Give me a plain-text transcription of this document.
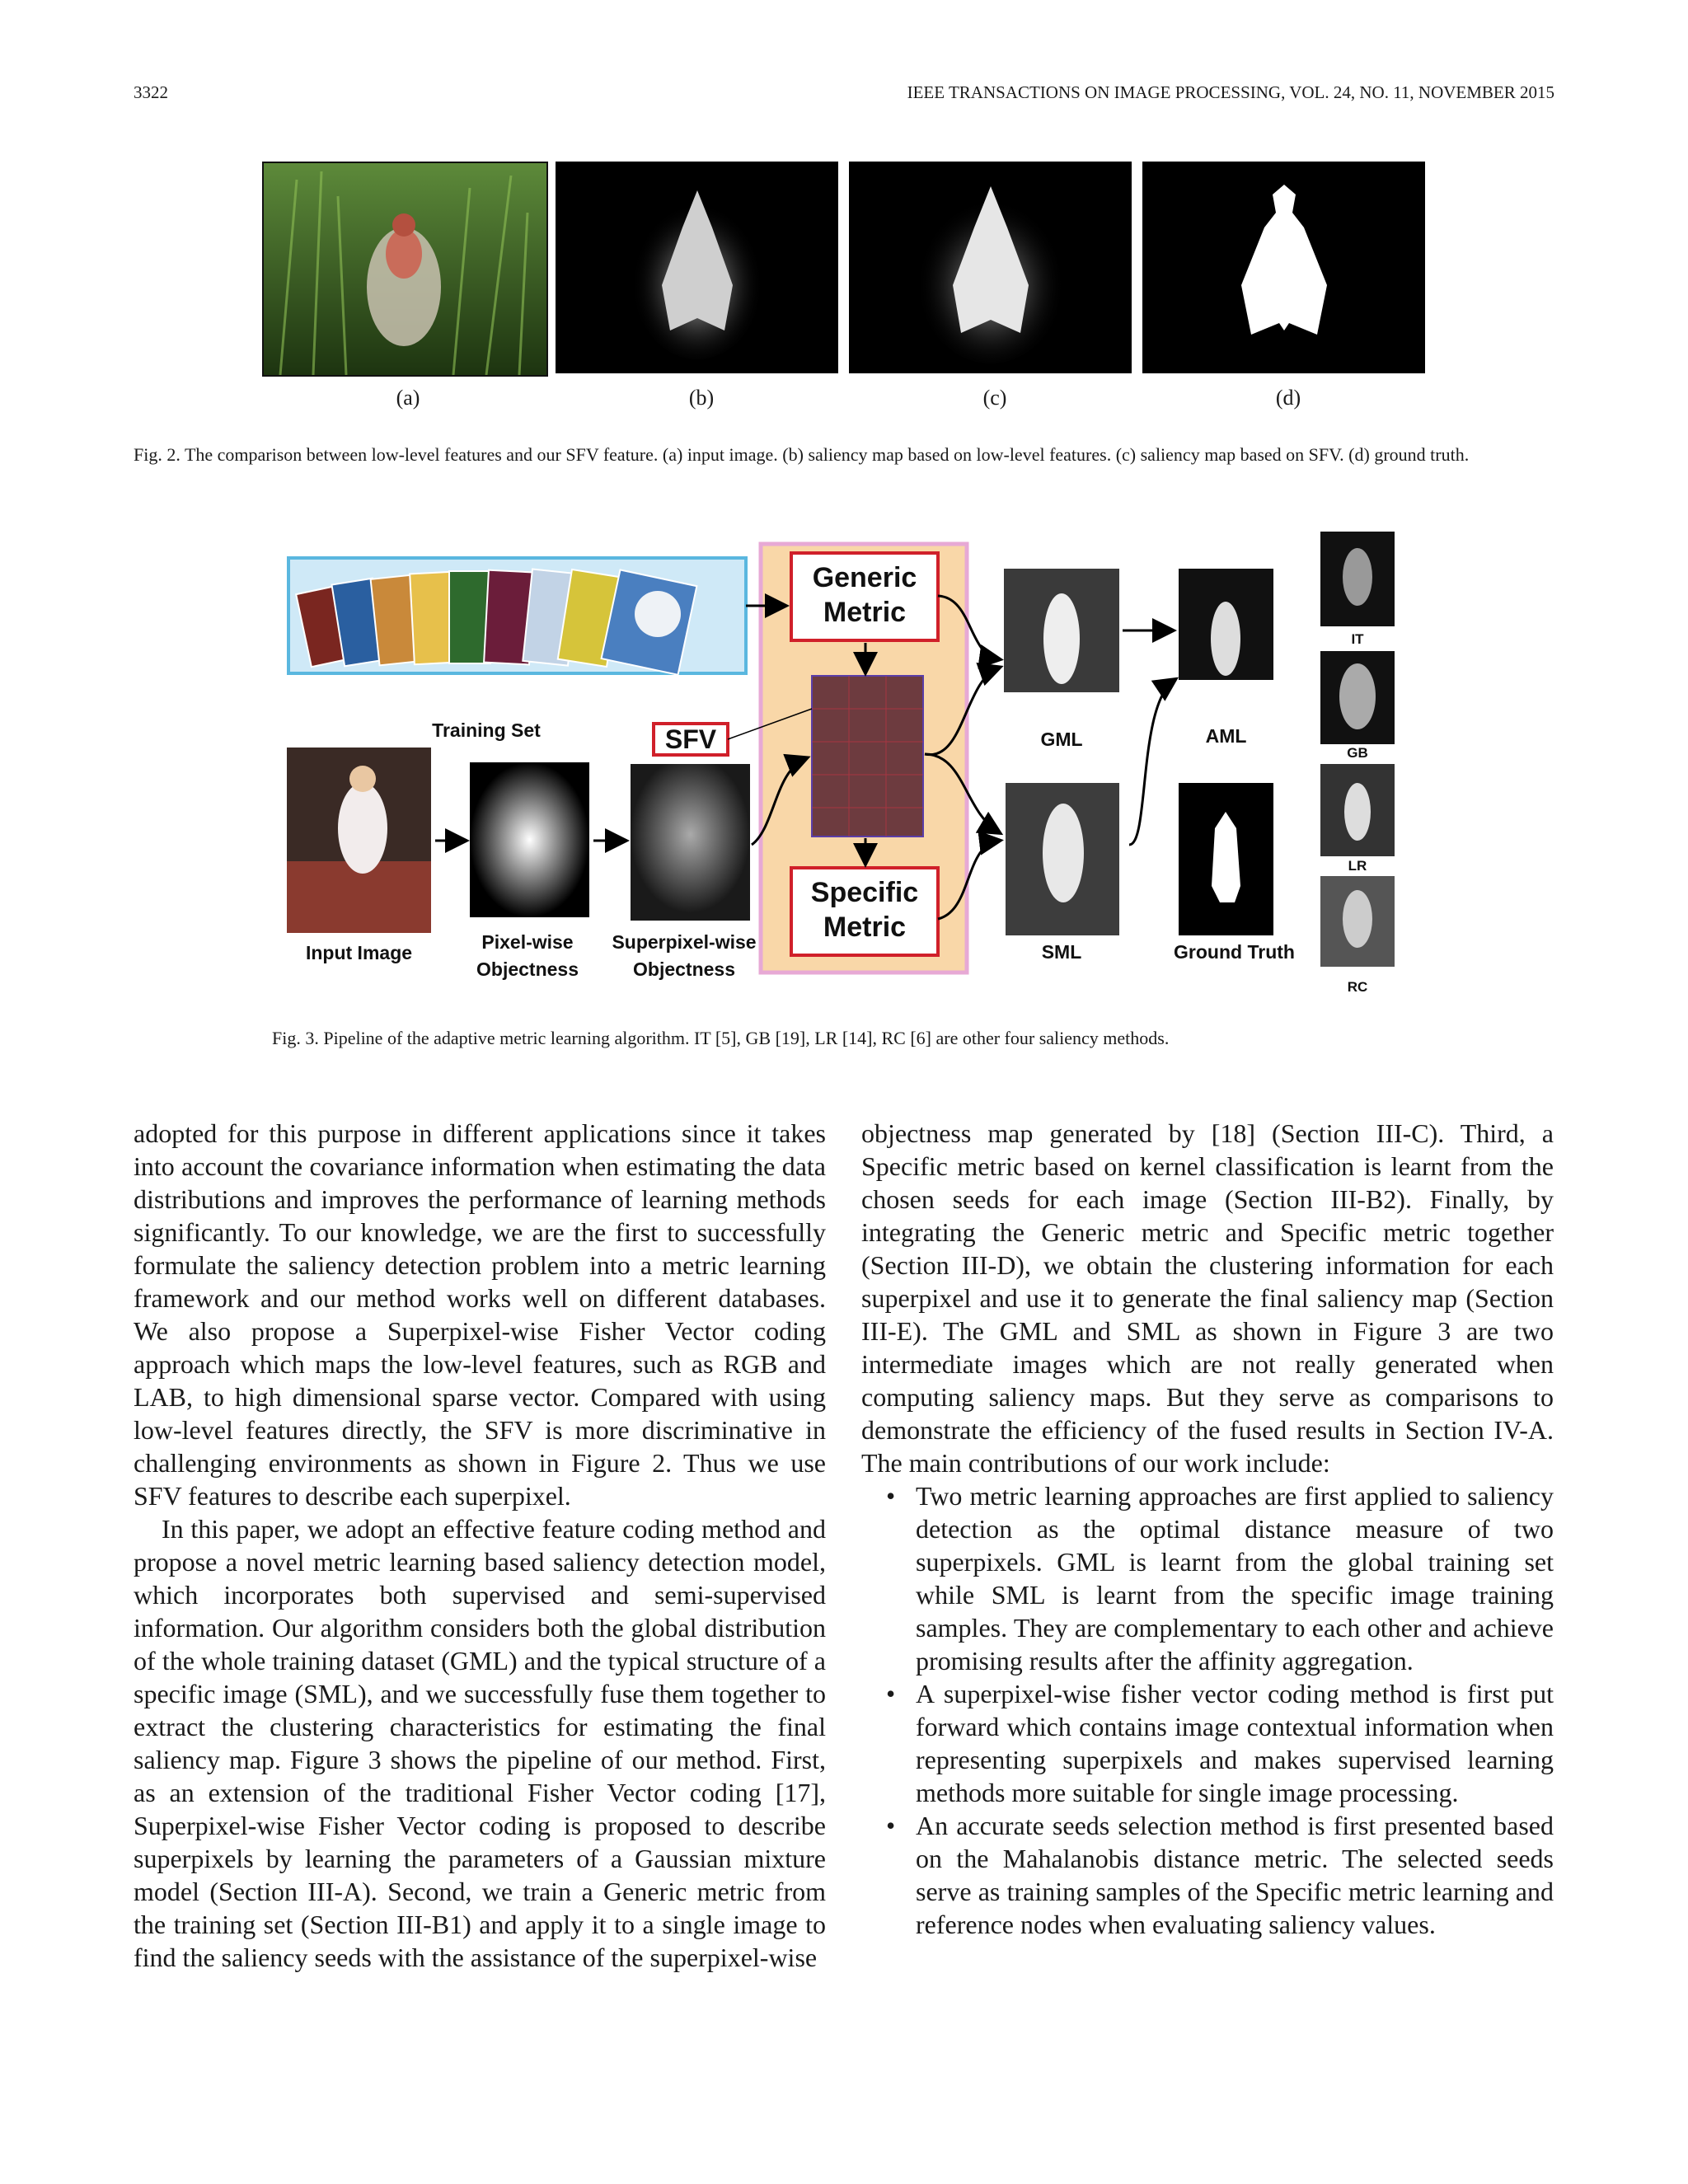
3322	IEEE TRANSACTIONS ON IMAGE PROCESSING, VOL. 24, NO. 11, NOVEMBER 2015
(a)	(b)	(c)	(d)
Fig. 2. The comparison between low-level features and our SFV feature. (a) input image. (b) saliency map based on low-level features. (c) saliency map based on SFV. (d) ground truth.
Training Set	SFV
Generic
Metric
Specific
Metric
GML	AML
SML	Ground Truth
Input Image	Pixel-wise
Objectness
Superpixel-wise
Objectness
IT
GB
LR
RC
Fig. 3. Pipeline of the adaptive metric learning algorithm. IT [5], GB [19], LR [14], RC [6] are other four saliency methods.

adopted for this purpose in different applications since it takes into account the covariance information when estimating the data distributions and improves the performance of learning methods significantly. To our knowledge, we are the first to successfully formulate the saliency detection problem into a metric learning framework and our method works well on different databases. We also propose a Superpixel-wise Fisher Vector coding approach which maps the low-level features, such as RGB and LAB, to high dimensional sparse vector. Compared with using low-level features directly, the SFV is more discriminative in challenging environments as shown in Figure 2. Thus we use SFV features to describe each superpixel.

In this paper, we adopt an effective feature coding method and propose a novel metric learning based saliency detection model, which incorporates both supervised and semi-supervised information. Our algorithm considers both the global distribution of the whole training dataset (GML) and the typical structure of a specific image (SML), and we successfully fuse them together to extract the clustering characteristics for estimating the final saliency map. Figure 3 shows the pipeline of our method. First, as an extension of the traditional Fisher Vector coding [17], Superpixel-wise Fisher Vector coding is proposed to describe superpixels by learning the parameters of a Gaussian mixture model (Section III-A). Second, we train a Generic metric from the training set (Section III-B1) and apply it to a single image to find the saliency seeds with the assistance of the superpixel-wise

objectness map generated by [18] (Section III-C). Third, a Specific metric based on kernel classification is learnt from the chosen seeds for each image (Section III-B2). Finally, by integrating the Generic metric and Specific metric together (Section III-D), we obtain the clustering information for each superpixel and use it to generate the final saliency map (Section III-E). The GML and SML as shown in Figure 3 are two intermediate images which are not really generated when computing saliency maps. But they serve as comparisons to demonstrate the efficiency of the fused results in Section IV-A. The main contributions of our work include:

• Two metric learning approaches are first applied to saliency detection as the optimal distance measure of two superpixels. GML is learnt from the global training set while SML is learnt from the specific image training samples. They are complementary to each other and achieve promising results after the affinity aggregation.
• A superpixel-wise fisher vector coding method is first put forward which contains image contextual information when representing superpixels and makes supervised learning methods more suitable for single image processing.
• An accurate seeds selection method is first presented based on the Mahalanobis distance metric. The selected seeds serve as training samples of the Specific metric learning and reference nodes when evaluating saliency values.
